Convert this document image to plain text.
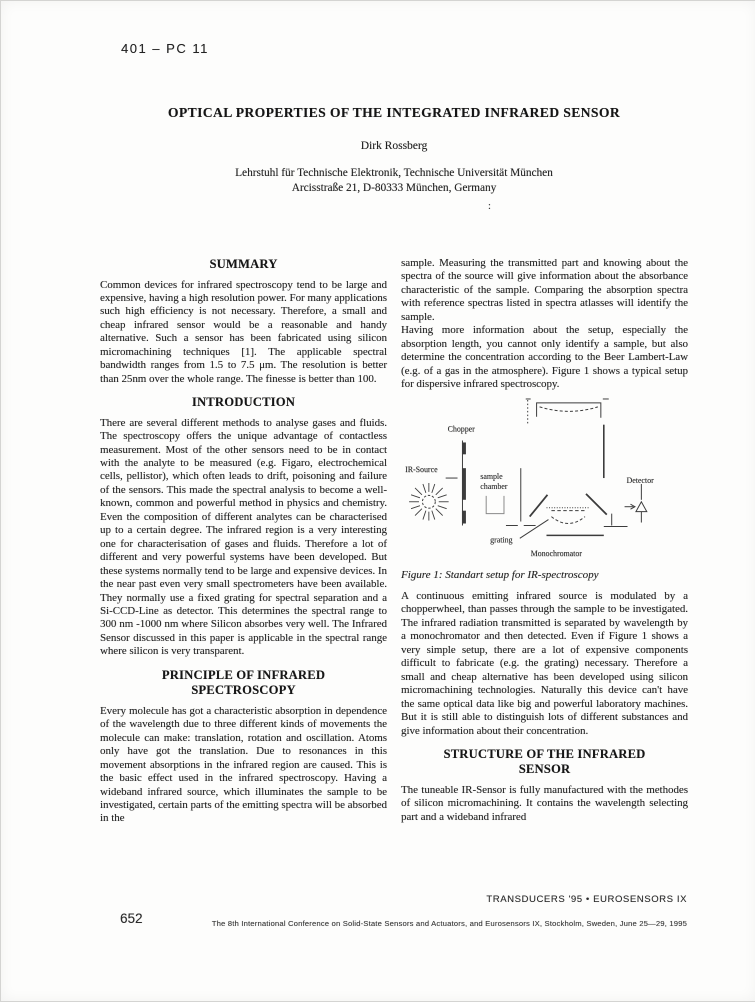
401 – PC 11
OPTICAL PROPERTIES OF THE INTEGRATED INFRARED SENSOR
Dirk Rossberg
Lehrstuhl für Technische Elektronik, Technische Universität München
Arcisstraße 21, D-80333 München, Germany
:
SUMMARY

Common devices for infrared spectroscopy tend to be large and expensive, having a high resolution power. For many applications such high efficiency is not necessary. Therefore, a small and cheap infrared sensor would be a reasonable and handy alternative. Such a sensor has been fabricated using silicon micromachining techniques [1]. The applicable spectral bandwidth ranges from 1.5 to 7.5 μm. The resolution is better than 25nm over the whole range. The finesse is better than 100.

INTRODUCTION

There are several different methods to analyse gases and fluids. The spectroscopy offers the unique advantage of contactless measurement. Most of the other sensors need to be in contact with the analyte to be measured (e.g. Figaro, electrochemical cells, pellistor), which often leads to drift, poisoning and failure of the sensors. This made the spectral analysis to become a well-known, common and powerful method in physics and chemistry. Even the composition of different analytes can be characterised up to a certain degree. The infrared region is a very interesting one for characterisation of gases and fluids. Therefore a lot of different and very powerful systems have been developed. But these systems normally tend to be large and expensive devices. In the near past even very small spectrometers have been available. They normally use a fixed grating for spectral separation and a Si-CCD-Line as detector. This determines the spectral range to 300 nm -1000 nm where Silicon absorbes very well. The Infrared Sensor discussed in this paper is applicable in the spectral range where silicon is very transparent.

PRINCIPLE OF INFRARED SPECTROSCOPY

Every molecule has got a characteristic absorption in dependence of the wavelength due to three different kinds of movements the molecule can make: translation, rotation and oscillation. Atoms only have got the translation. Due to resonances in this movement absorptions in the infrared region are caused. This is the basic effect used in the infrared spectroscopy. Having a wideband infrared source, which illuminates the sample to be investigated, certain parts of the emitting spectra will be absorbed in the

sample. Measuring the transmitted part and knowing about the spectra of the source will give information about the absorbance characteristic of the sample. Comparing the absorption spectra with reference spectras listed in spectra atlasses will identify the sample.

Having more information about the setup, especially the absorption length, you cannot only identify a sample, but also determine the concentration according to the Beer Lambert-Law (e.g. of a gas in the atmosphere). Figure 1 shows a typical setup for dispersive infrared spectroscopy.

Chopper
IR-Source
sample
chamber
grating
Monochromator
Detector
Figure 1: Standart setup for IR-spectroscopy

A continuous emitting infrared source is modulated by a chopperwheel, than passes through the sample to be investigated. The infrared radiation transmitted is separated by wavelength by a monochromator and then detected. Even if Figure 1 shows a very simple setup, there are a lot of expensive components difficult to fabricate (e.g. the grating) necessary. Therefore a small and cheap alternative has been developed using silicon micromachining technologies. Naturally this device can't have the same optical data like big and powerful laboratory machines. But it is still able to distinguish lots of different substances and give information about their concentration.

STRUCTURE OF THE INFRARED SENSOR

The tuneable IR-Sensor is fully manufactured with the methodes of silicon micromachining. It contains the wavelength selecting part and a wideband infrared

TRANSDUCERS '95 • EUROSENSORS IX
652	The 8th International Conference on Solid-State Sensors and Actuators, and Eurosensors IX, Stockholm, Sweden, June 25—29, 1995
